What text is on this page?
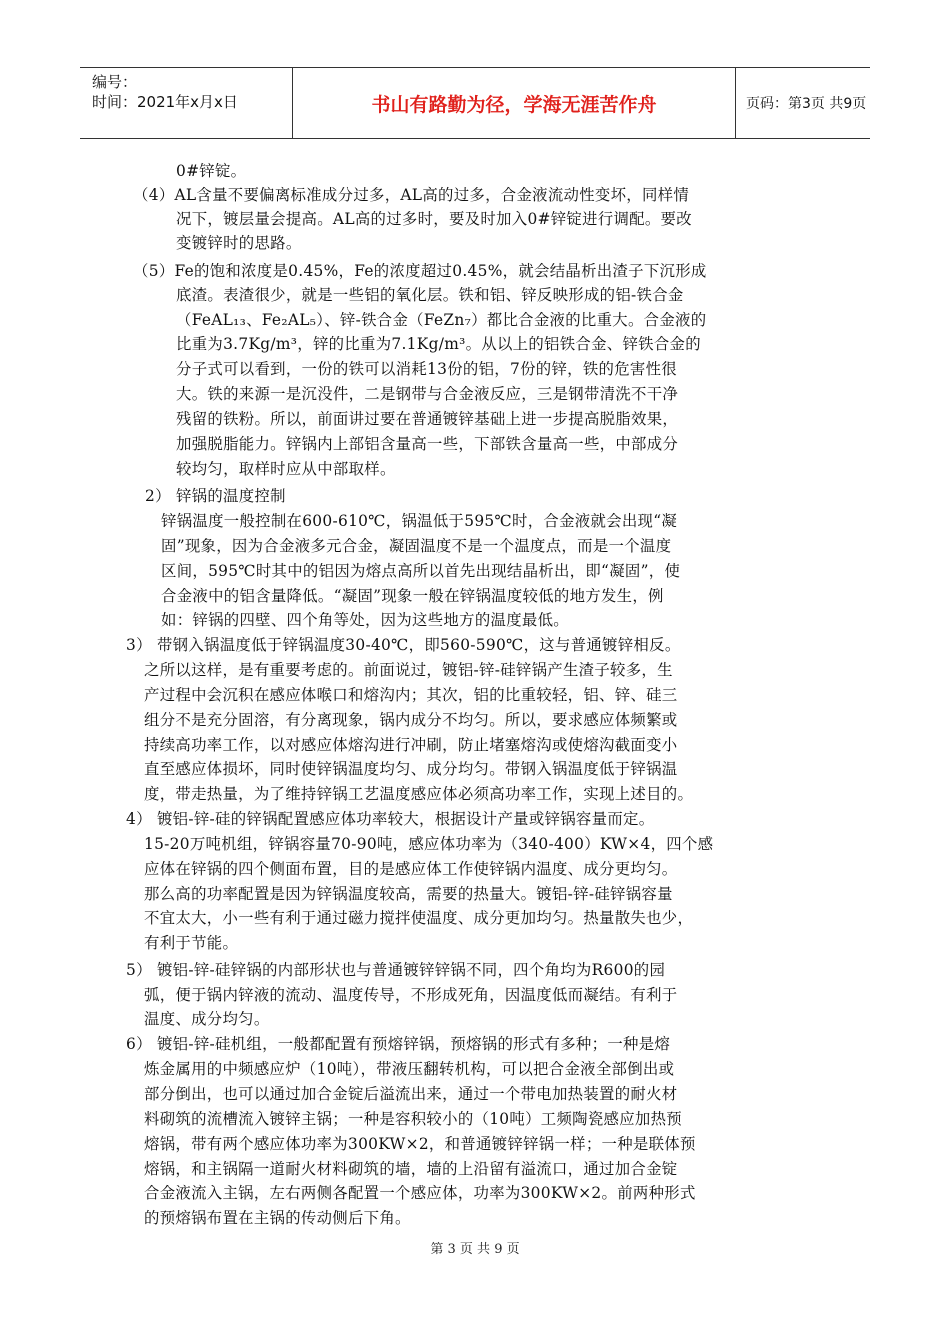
编号：
时间：2021年x月x日	书山有路勤为径，学海无涯苦作舟	页码：第3页 共9页
0#锌锭。
（4）AL含量不要偏离标准成分过多，AL高的过多，合金液流动性变坏，同样情
况下，镀层量会提高。AL高的过多时，要及时加入0#锌锭进行调配。要改
变镀锌时的思路。
（5）Fe的饱和浓度是0.45%，Fe的浓度超过0.45%，就会结晶析出渣子下沉形成
底渣。表渣很少，就是一些铝的氧化层。铁和铝、锌反映形成的铝-铁合金
（FeAL₁₃、Fe₂AL₅）、锌-铁合金（FeZn₇）都比合金液的比重大。合金液的
比重为3.7Kg/m³，锌的比重为7.1Kg/m³。从以上的铝铁合金、锌铁合金的
分子式可以看到，一份的铁可以消耗13份的铝，7份的锌，铁的危害性很
大。铁的来源一是沉没件，二是钢带与合金液反应，三是钢带清洗不干净
残留的铁粉。所以，前面讲过要在普通镀锌基础上进一步提高脱脂效果，
加强脱脂能力。锌锅内上部铝含量高一些，下部铁含量高一些，中部成分
较均匀，取样时应从中部取样。
2） 锌锅的温度控制
锌锅温度一般控制在600-610℃，锅温低于595℃时，合金液就会出现“凝
固”现象，因为合金液多元合金，凝固温度不是一个温度点，而是一个温度
区间，595℃时其中的铝因为熔点高所以首先出现结晶析出，即“凝固”，使
合金液中的铝含量降低。“凝固”现象一般在锌锅温度较低的地方发生，例
如：锌锅的四壁、四个角等处，因为这些地方的温度最低。
3） 带钢入锅温度低于锌锅温度30-40℃，即560-590℃，这与普通镀锌相反。
之所以这样，是有重要考虑的。前面说过，镀铝-锌-硅锌锅产生渣子较多，生
产过程中会沉积在感应体喉口和熔沟内；其次，铝的比重较轻，铝、锌、硅三
组分不是充分固溶，有分离现象，锅内成分不均匀。所以，要求感应体频繁或
持续高功率工作，以对感应体熔沟进行冲刷，防止堵塞熔沟或使熔沟截面变小
直至感应体损坏，同时使锌锅温度均匀、成分均匀。带钢入锅温度低于锌锅温
度，带走热量，为了维持锌锅工艺温度感应体必须高功率工作，实现上述目的。
4） 镀铝-锌-硅的锌锅配置感应体功率较大，根据设计产量或锌锅容量而定。
15-20万吨机组，锌锅容量70-90吨，感应体功率为（340-400）KW×4，四个感
应体在锌锅的四个侧面布置，目的是感应体工作使锌锅内温度、成分更均匀。
那么高的功率配置是因为锌锅温度较高，需要的热量大。镀铝-锌-硅锌锅容量
不宜太大，小一些有利于通过磁力搅拌使温度、成分更加均匀。热量散失也少，
有利于节能。
5） 镀铝-锌-硅锌锅的内部形状也与普通镀锌锌锅不同，四个角均为R600的园
弧，便于锅内锌液的流动、温度传导，不形成死角，因温度低而凝结。有利于
温度、成分均匀。
6） 镀铝-锌-硅机组，一般都配置有预熔锌锅，预熔锅的形式有多种；一种是熔
炼金属用的中频感应炉（10吨），带液压翻转机构，可以把合金液全部倒出或
部分倒出，也可以通过加合金锭后溢流出来，通过一个带电加热装置的耐火材
料砌筑的流槽流入镀锌主锅；一种是容积较小的（10吨）工频陶瓷感应加热预
熔锅，带有两个感应体功率为300KW×2，和普通镀锌锌锅一样；一种是联体预
熔锅，和主锅隔一道耐火材料砌筑的墙，墙的上沿留有溢流口，通过加合金锭
合金液流入主锅，左右两侧各配置一个感应体，功率为300KW×2。前两种形式
的预熔锅布置在主锅的传动侧后下角。
第 3 页 共 9 页
